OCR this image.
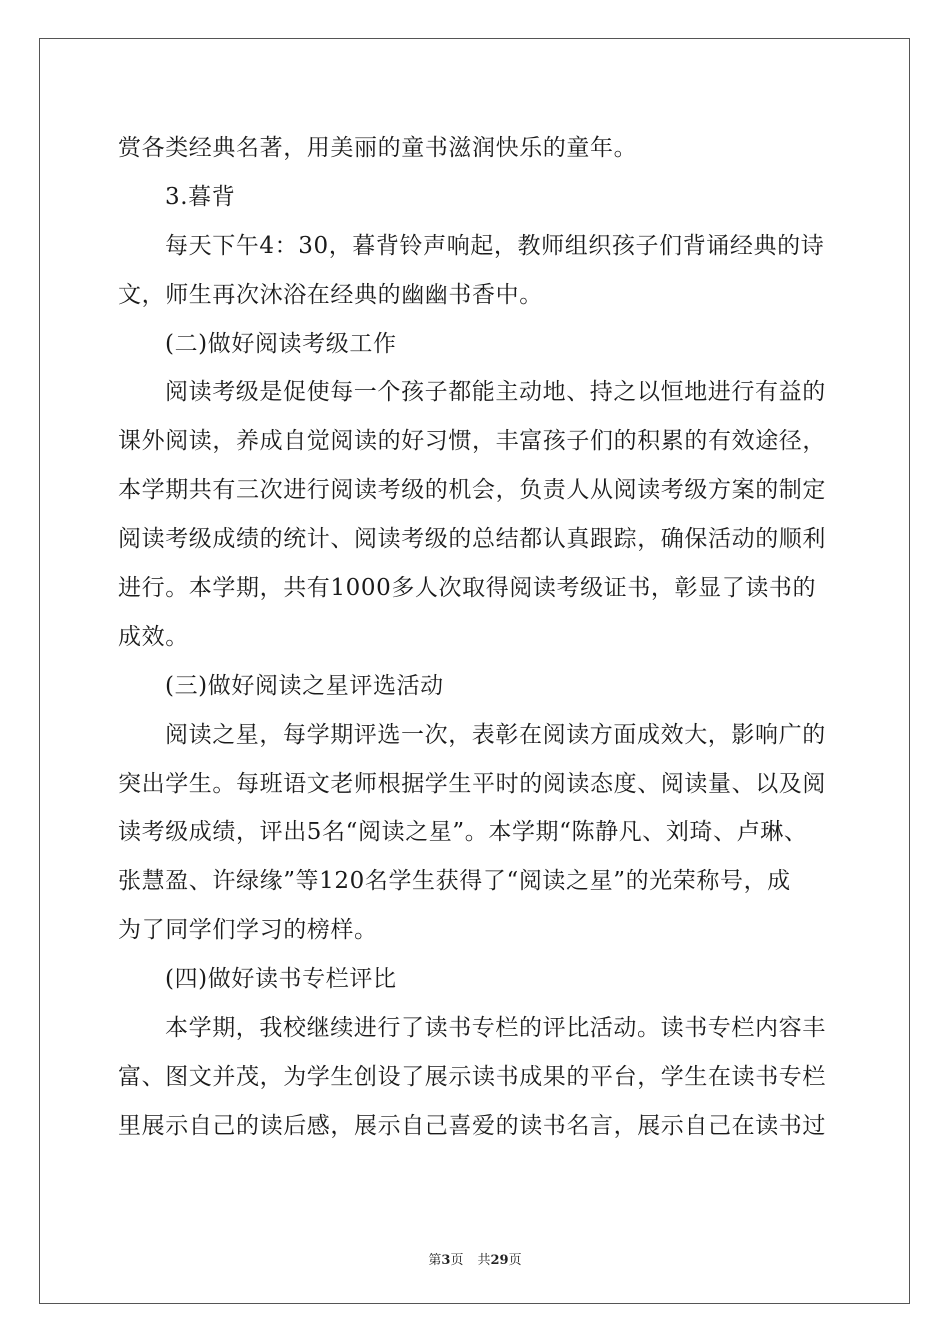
赏各类经典名著，用美丽的童书滋润快乐的童年。
3.暮背
每天下午4：30，暮背铃声响起，教师组织孩子们背诵经典的诗
文，师生再次沐浴在经典的幽幽书香中。
(二)做好阅读考级工作
阅读考级是促使每一个孩子都能主动地、持之以恒地进行有益的
课外阅读，养成自觉阅读的好习惯，丰富孩子们的积累的有效途径，
本学期共有三次进行阅读考级的机会，负责人从阅读考级方案的制定
阅读考级成绩的统计、阅读考级的总结都认真跟踪，确保活动的顺利
进行。本学期，共有1000多人次取得阅读考级证书，彰显了读书的
成效。
(三)做好阅读之星评选活动
阅读之星，每学期评选一次，表彰在阅读方面成效大，影响广的
突出学生。每班语文老师根据学生平时的阅读态度、阅读量、以及阅
读考级成绩，评出5名“阅读之星”。本学期“陈静凡、刘琦、卢琳、
张慧盈、许绿缘”等120名学生获得了“阅读之星”的光荣称号，成
为了同学们学习的榜样。
(四)做好读书专栏评比
本学期，我校继续进行了读书专栏的评比活动。读书专栏内容丰
富、图文并茂，为学生创设了展示读书成果的平台，学生在读书专栏
里展示自己的读后感，展示自己喜爱的读书名言，展示自己在读书过
第3页 共29页
